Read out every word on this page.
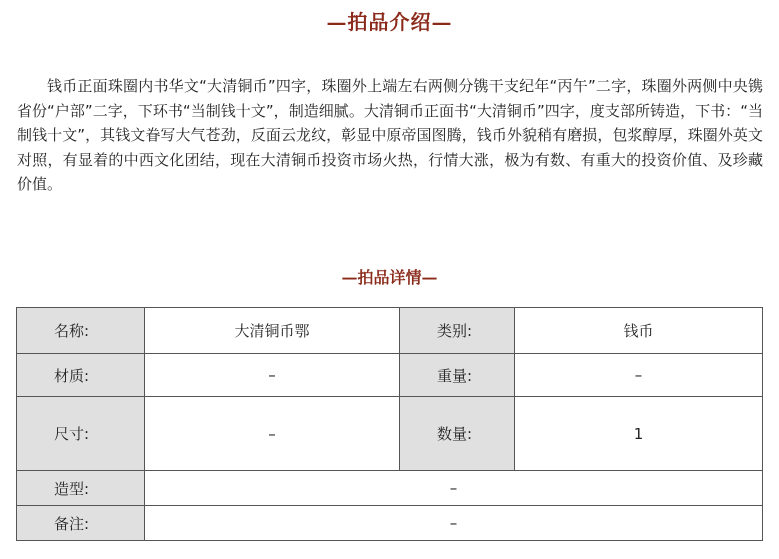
—拍品介绍—

钱币正面珠圈内书华文“大清铜币”四字，珠圈外上端左右两侧分镌干支纪年“丙午”二字，珠圈外两侧中央镌省份“户部”二字，下环书“当制钱十文”，制造细腻。大清铜币正面书“大清铜币”四字，度支部所铸造，下书：“当制钱十文”，其钱文眷写大气苍劲，反面云龙纹，彰显中原帝国图腾，钱币外貌稍有磨损，包浆醇厚，珠圈外英文对照，有显着的中西文化团结，现在大清铜币投资市场火热，行情大涨，极为有数、有重大的投资价值、及珍藏价值。

—拍品详情—
名称:	大清铜币鄂	类别:	钱币
材质:	–	重量:	–
尺寸:	–	数量:	1
造型:	–		
备注:	–		
